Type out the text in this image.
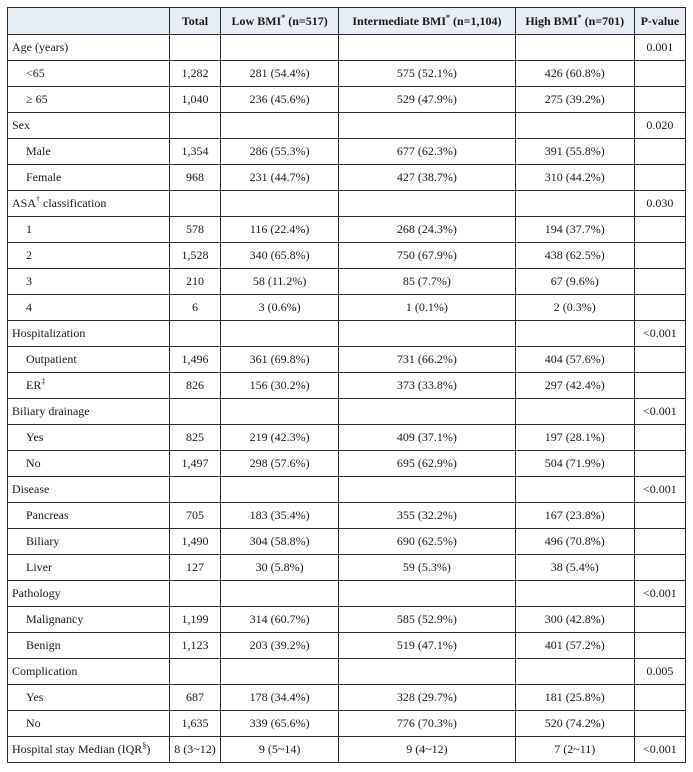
	Total	Low BMI* (n=517)	Intermediate BMI* (n=1,104)	High BMI* (n=701)	P-value
Age (years)					0.001
<65	1,282	281 (54.4%)	575 (52.1%)	426 (60.8%)	
≥ 65	1,040	236 (45.6%)	529 (47.9%)	275 (39.2%)	
Sex					0.020
Male	1,354	286 (55.3%)	677 (62.3%)	391 (55.8%)	
Female	968	231 (44.7%)	427 (38.7%)	310 (44.2%)	
ASA† classification					0.030
1	578	116 (22.4%)	268 (24.3%)	194 (37.7%)	
2	1,528	340 (65.8%)	750 (67.9%)	438 (62.5%)	
3	210	58 (11.2%)	85 (7.7%)	67 (9.6%)	
4	6	3 (0.6%)	1 (0.1%)	2 (0.3%)	
Hospitalization					<0.001
Outpatient	1,496	361 (69.8%)	731 (66.2%)	404 (57.6%)	
ER‡	826	156 (30.2%)	373 (33.8%)	297 (42.4%)	
Biliary drainage					<0.001
Yes	825	219 (42.3%)	409 (37.1%)	197 (28.1%)	
No	1,497	298 (57.6%)	695 (62.9%)	504 (71.9%)	
Disease					<0.001
Pancreas	705	183 (35.4%)	355 (32.2%)	167 (23.8%)	
Biliary	1,490	304 (58.8%)	690 (62.5%)	496 (70.8%)	
Liver	127	30 (5.8%)	59 (5.3%)	38 (5.4%)	
Pathology					<0.001
Malignancy	1,199	314 (60.7%)	585 (52.9%)	300 (42.8%)	
Benign	1,123	203 (39.2%)	519 (47.1%)	401 (57.2%)	
Complication					0.005
Yes	687	178 (34.4%)	328 (29.7%)	181 (25.8%)	
No	1,635	339 (65.6%)	776 (70.3%)	520 (74.2%)	
Hospital stay Median (IQR§)	8 (3~12)	9 (5~14)	9 (4~12)	7 (2~11)	<0.001
